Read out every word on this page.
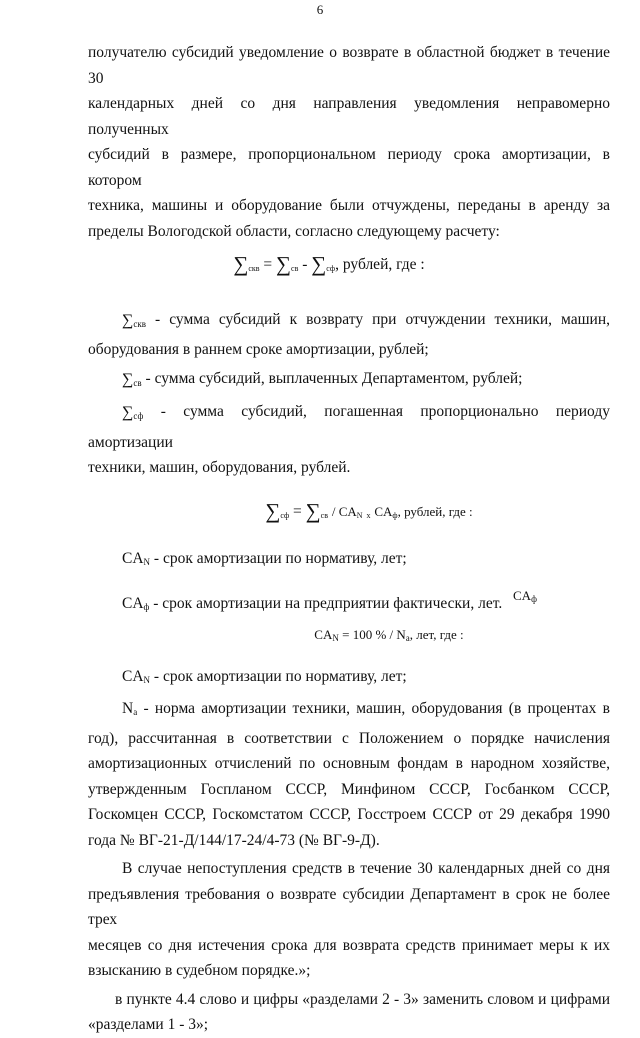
6

получателю субсидий уведомление о возврате в областной бюджет в течение 30

календарных дней со дня направления уведомления неправомерно полученных

субсидий в размере, пропорциональном периоду срока амортизации, в котором

техника, машины и оборудование были отчуждены, переданы в аренду за

пределы Вологодской области, согласно следующему расчету:

$\sum_{скв} = \sum_{св} - \sum_{сф}$, рублей, где :

∑скв - сумма субсидий к возврату при отчуждении техники, машин,

оборудования в раннем сроке амортизации, рублей;

∑св - сумма субсидий, выплаченных Департаментом, рублей;

∑сф - сумма субсидий, погашенная пропорционально периоду амортизации

техники, машин, оборудования, рублей.

$\sum_{сф} = \sum_{св} / CA_N$ $_x$ $CA_ф$, рублей, где :

CAN - срок амортизации по нормативу, лет;

CAф - срок амортизации на предприятии фактически, лет. CAф
CAN = 100 % / Nа, лет, где :

CAN - срок амортизации по нормативу, лет;

Nа - норма амортизации техники, машин, оборудования (в процентах в

год), рассчитанная в соответствии с Положением о порядке начисления

амортизационных отчислений по основным фондам в народном хозяйстве,

утвержденным Госпланом СССР, Минфином СССР, Госбанком СССР,

Госкомцен СССР, Госкомстатом СССР, Госстроем СССР от 29 декабря 1990

года № ВГ-21-Д/144/17-24/4-73 (№ ВГ-9-Д).

В случае непоступления средств в течение 30 календарных дней со дня

предъявления требования о возврате субсидии Департамент в срок не более трех

месяцев со дня истечения срока для возврата средств принимает меры к их

взысканию в судебном порядке.»;

в пункте 4.4 слово и цифры «разделами 2 - 3» заменить словом и цифрами

«разделами 1 - 3»;
